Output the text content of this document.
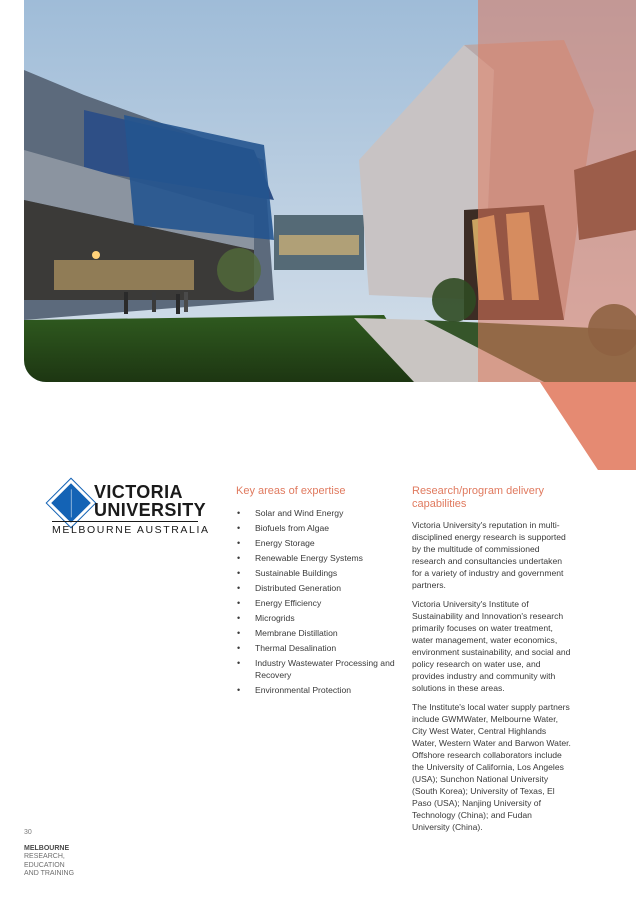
VICTORIA
UNIVERSITY
MELBOURNE AUSTRALIA
Key areas of expertise
• Solar and Wind Energy
• Biofuels from Algae
• Energy Storage
• Renewable Energy Systems
• Sustainable Buildings
• Distributed Generation
• Energy Efficiency
• Microgrids
• Membrane Distillation
• Thermal Desalination
• Industry Wastewater Processing and Recovery
• Environmental Protection
Research/program delivery capabilities

Victoria University's reputation in multi-disciplined energy research is supported by the multitude of commissioned research and consultancies undertaken for a variety of industry and government partners.

Victoria University's Institute of Sustainability and Innovation's research primarily focuses on water treatment, water management, water economics, environment sustainability, and social and policy research on water use, and provides industry and community with solutions in these areas.

The Institute's local water supply partners include GWMWater, Melbourne Water, City West Water, Central Highlands Water, Western Water and Barwon Water. Offshore research collaborators include the University of California, Los Angeles (USA); Sunchon National University (South Korea); University of Texas, El Paso (USA); Nanjing University of Technology (China); and Fudan University (China).

30
MELBOURNE
RESEARCH,
EDUCATION
AND TRAINING
